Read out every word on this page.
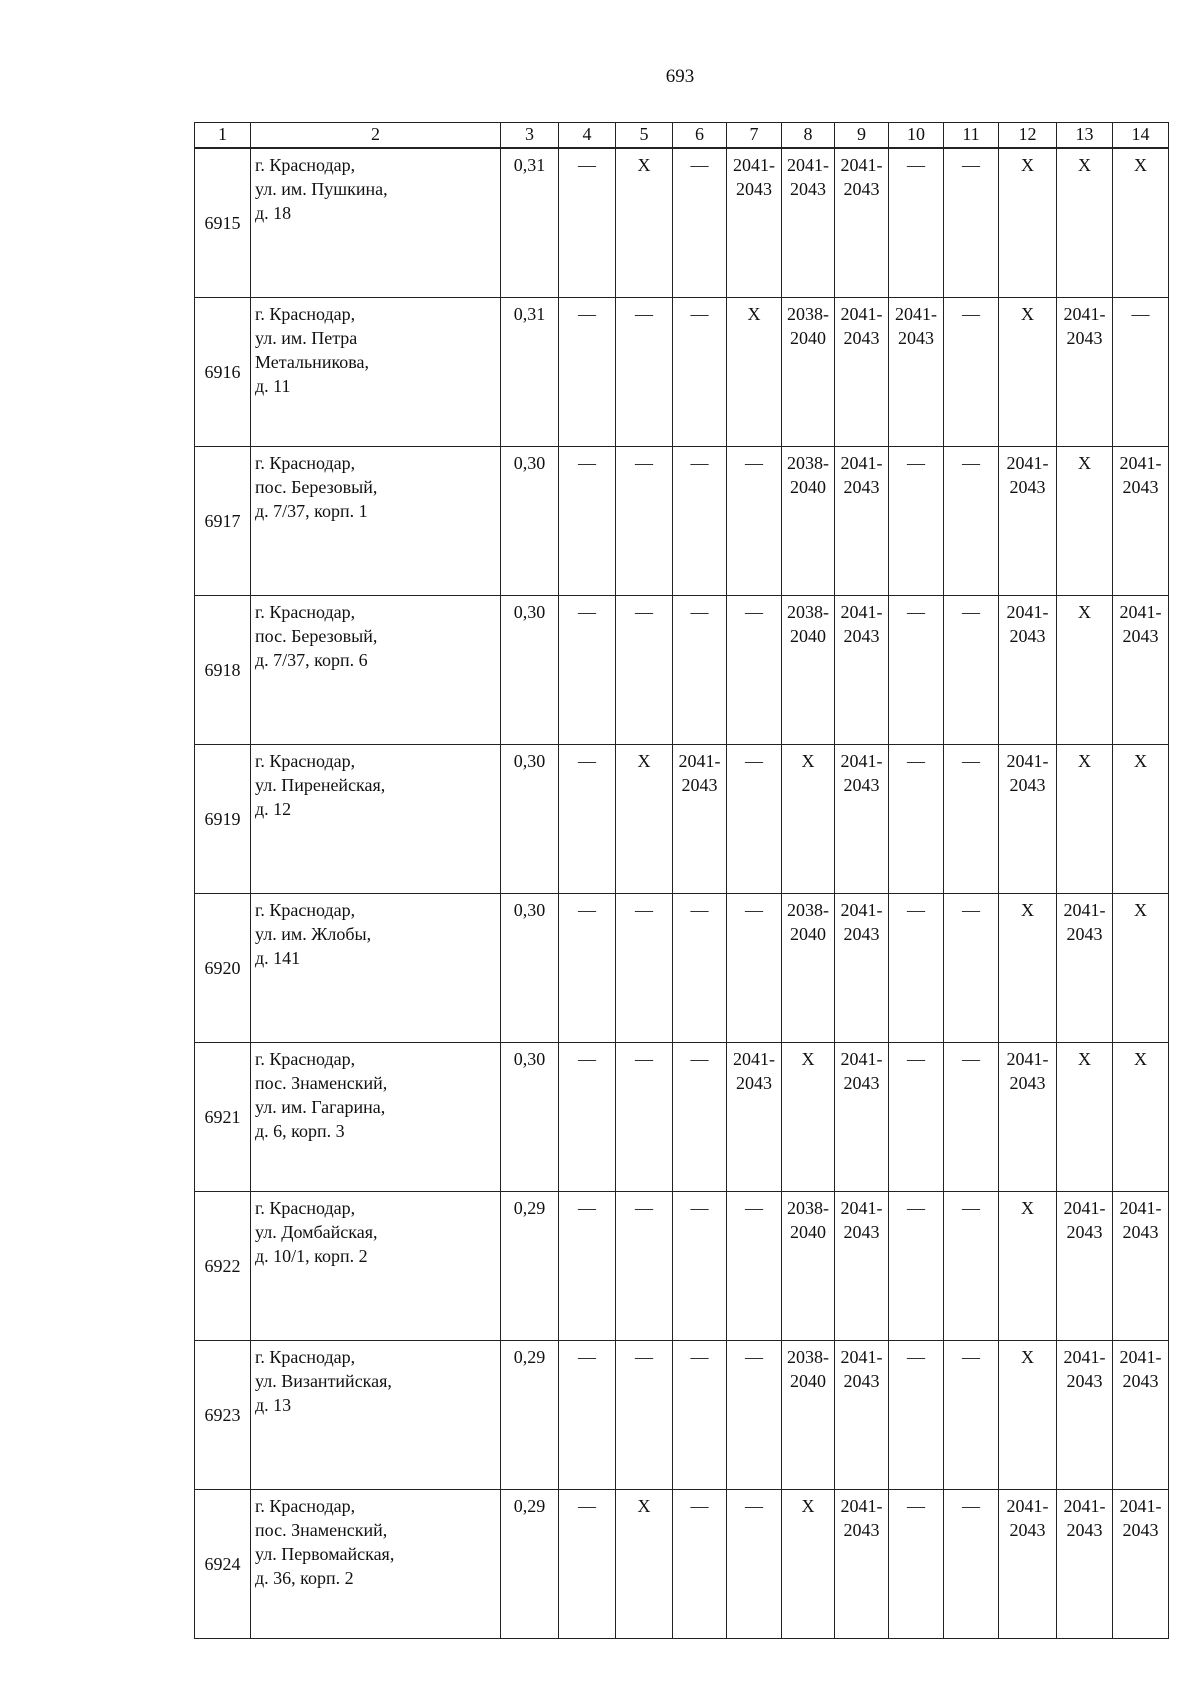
693
1	2	3	4	5	6	7	8	9	10	11	12	13	14
6915	г. Краснодар,
ул. им. Пушкина,
д. 18	0,31	—	X	—	2041-
2043	2041-
2043	2041-
2043	—	—	X	X	X

6916	г. Краснодар,
ул. им. Петра
Метальникова,
д. 11	0,31	—	—	—	X	2038-
2040	2041-
2043	2041-
2043	—	X	2041-
2043	—

6917	г. Краснодар,
пос. Березовый,
д. 7/37, корп. 1	0,30	—	—	—	—	2038-
2040	2041-
2043	—	—	2041-
2043	X	2041-
2043

6918	г. Краснодар,
пос. Березовый,
д. 7/37, корп. 6	0,30	—	—	—	—	2038-
2040	2041-
2043	—	—	2041-
2043	X	2041-
2043

6919	г. Краснодар,
ул. Пиренейская,
д. 12	0,30	—	X	2041-
2043	—	X	2041-
2043	—	—	2041-
2043	X	X

6920	г. Краснодар,
ул. им. Жлобы,
д. 141	0,30	—	—	—	—	2038-
2040	2041-
2043	—	—	X	2041-
2043	X

6921	г. Краснодар,
пос. Знаменский,
ул. им. Гагарина,
д. 6, корп. 3	0,30	—	—	—	2041-
2043	X	2041-
2043	—	—	2041-
2043	X	X

6922	г. Краснодар,
ул. Домбайская,
д. 10/1, корп. 2	0,29	—	—	—	—	2038-
2040	2041-
2043	—	—	X	2041-
2043	2041-
2043

6923	г. Краснодар,
ул. Византийская,
д. 13	0,29	—	—	—	—	2038-
2040	2041-
2043	—	—	X	2041-
2043	2041-
2043

6924	г. Краснодар,
пос. Знаменский,
ул. Первомайская,
д. 36, корп. 2	0,29	—	X	—	—	X	2041-
2043	—	—	2041-
2043	2041-
2043	2041-
2043
